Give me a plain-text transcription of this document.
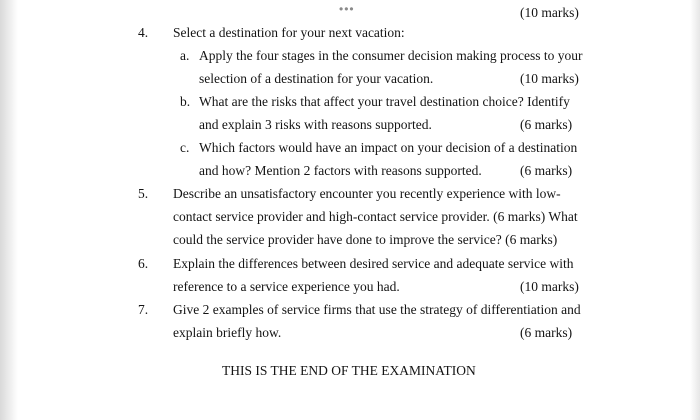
•••	(10 marks)
4. Select a destination for your next vacation:
a. Apply the four stages in the consumer decision making process to your
selection of a destination for your vacation.	(10 marks)
b. What are the risks that affect your travel destination choice? Identify
and explain 3 risks with reasons supported.	(6 marks)
c. Which factors would have an impact on your decision of a destination
and how? Mention 2 factors with reasons supported.	(6 marks)
5. Describe an unsatisfactory encounter you recently experience with low-
contact service provider and high-contact service provider. (6 marks) What
could the service provider have done to improve the service? (6 marks)
6. Explain the differences between desired service and adequate service with
reference to a service experience you had.	(10 marks)
7. Give 2 examples of service firms that use the strategy of differentiation and
explain briefly how.	(6 marks)
THIS IS THE END OF THE EXAMINATION
